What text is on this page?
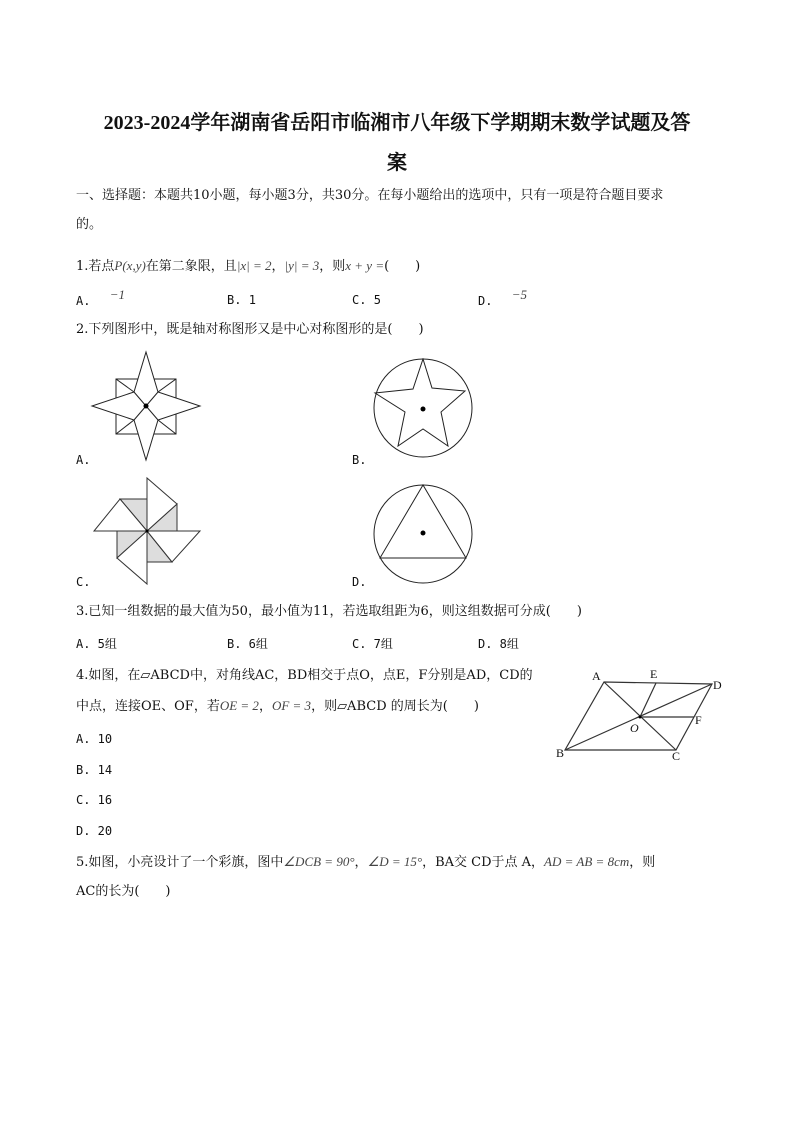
2023-2024学年湖南省岳阳市临湘市八年级下学期期末数学试题及答
案
一、选择题：本题共10小题，每小题3分，共30分。在每小题给出的选项中，只有一项是符合题目要求
的。
1.若点P(x,y)在第二象限，且|x| = 2，|y| = 3，则x + y =(　　)
A. −1	B. 1	C. 5	D. −5
2.下列图形中，既是轴对称图形又是中心对称图形的是(　　)
A.	B.
C.	D.
3.已知一组数据的最大值为50，最小值为11，若选取组距为6，则这组数据可分成(　　)
A. 5组	B. 6组	C. 7组	D. 8组
4.如图，在▱ABCD中，对角线AC，BD相交于点O，点E，F分别是AD，CD的
中点，连接OE、OF，若OE = 2，OF = 3，则▱ABCD 的周长为(　　)
A. 10
B. 14
C. 16
D. 20
A	E
D
F
O
B	C
5.如图，小亮设计了一个彩旗，图中∠DCB = 90°，∠D = 15°，BA交 CD于点 A，AD = AB = 8cm，则
AC的长为(　　)
